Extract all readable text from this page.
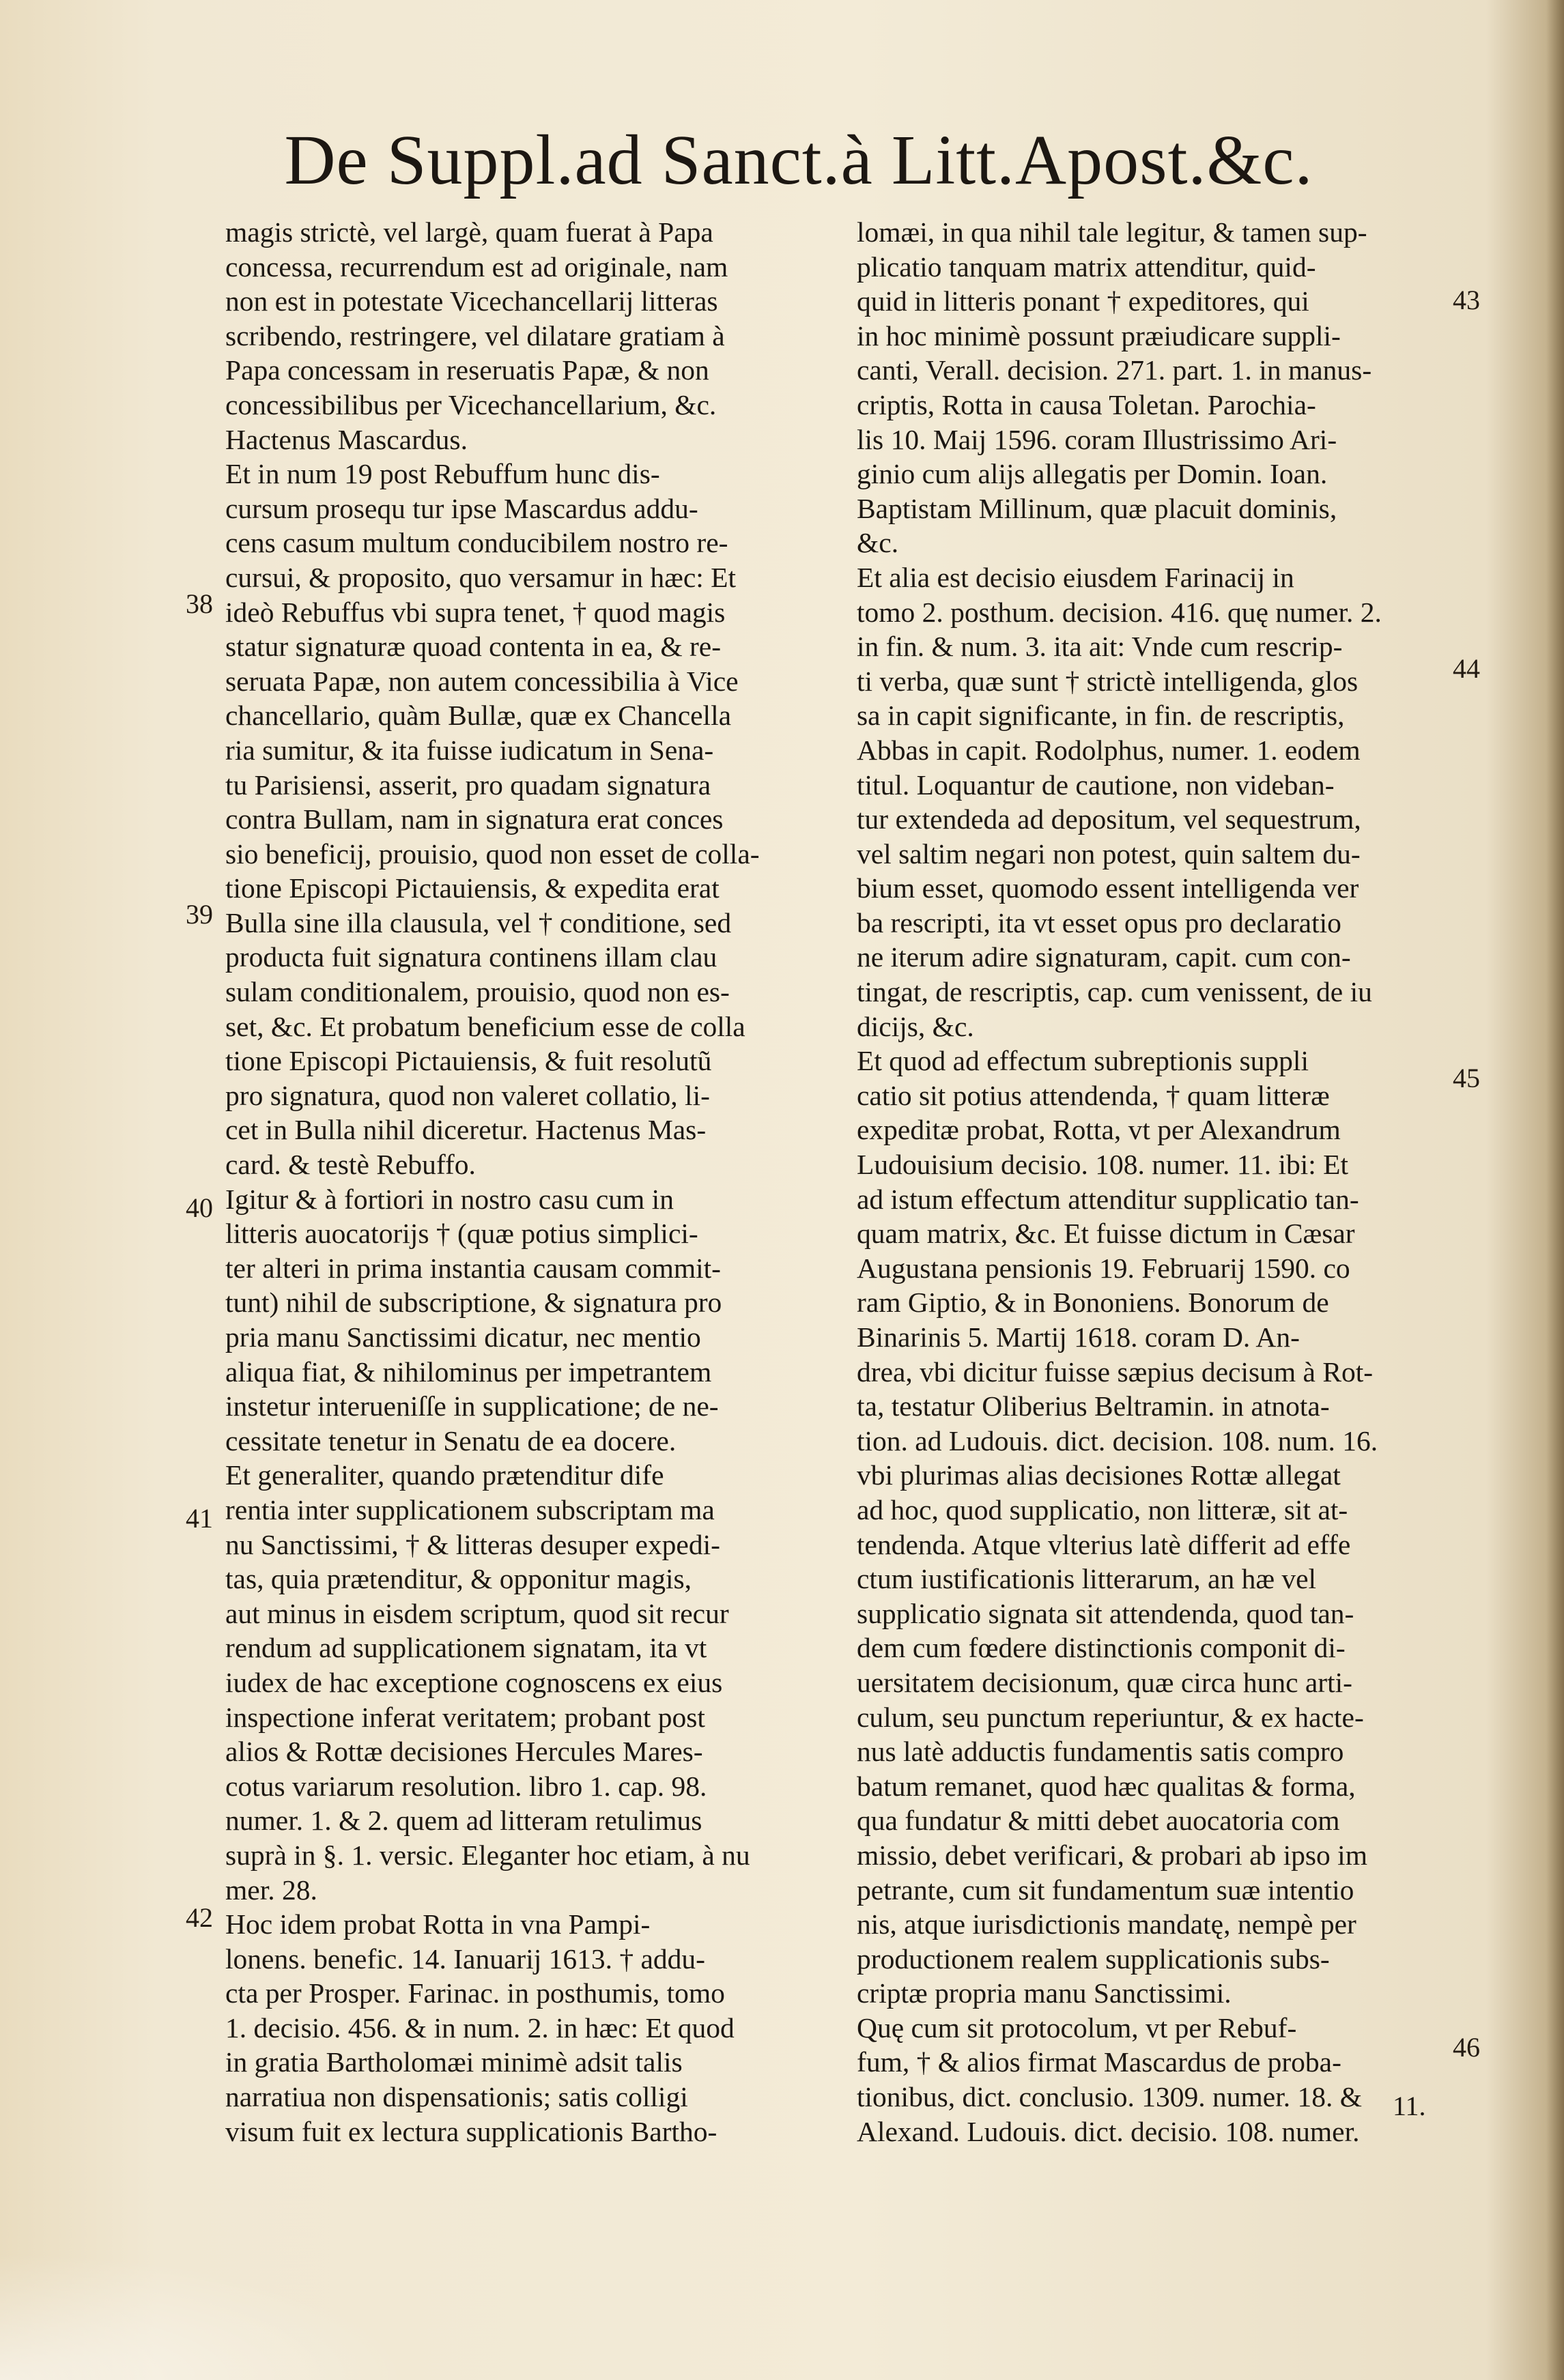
De Suppl.ad Sanct.à Litt.Apost.&c.
magis strictè, vel largè, quam fuerat à Papa
concessa, recurrendum est ad originale, nam
non est in potestate Vicechancellarij litteras
scribendo, restringere, vel dilatare gratiam à
Papa concessam in reseruatis Papæ, & non
concessibilibus per Vicechancellarium, &c.
Hactenus Mascardus.
Et in num 19 post Rebuffum hunc dis-
cursum prosequ tur ipse Mascardus addu-
cens casum multum conducibilem nostro re-
cursui, & proposito, quo versamur in hæc: Et
ideò Rebuffus vbi supra tenet, † quod magis
statur signaturæ quoad contenta in ea, & re-
seruata Papæ, non autem concessibilia à Vice
chancellario, quàm Bullæ, quæ ex Chancella
ria sumitur, & ita fuisse iudicatum in Sena-
tu Parisiensi, asserit, pro quadam signatura
contra Bullam, nam in signatura erat conces
sio beneficij, prouisio, quod non esset de colla-
tione Episcopi Pictauiensis, & expedita erat
Bulla sine illa clausula, vel † conditione, sed
producta fuit signatura continens illam clau
sulam conditionalem, prouisio, quod non es-
set, &c. Et probatum beneficium esse de colla
tione Episcopi Pictauiensis, & fuit resolutũ
pro signatura, quod non valeret collatio, li-
cet in Bulla nihil diceretur. Hactenus Mas-
card. & testè Rebuffo.
Igitur & à fortiori in nostro casu cum in
litteris auocatorijs † (quæ potius simplici-
ter alteri in prima instantia causam commit-
tunt) nihil de subscriptione, & signatura pro
pria manu Sanctissimi dicatur, nec mentio
aliqua fiat, & nihilominus per impetrantem
instetur interueniſſe in supplicatione; de ne-
cessitate tenetur in Senatu de ea docere.
Et generaliter, quando prætenditur dife
rentia inter supplicationem subscriptam ma
nu Sanctissimi, † & litteras desuper expedi-
tas, quia prætenditur, & opponitur magis,
aut minus in eisdem scriptum, quod sit recur
rendum ad supplicationem signatam, ita vt
iudex de hac exceptione cognoscens ex eius
inspectione inferat veritatem; probant post
alios & Rottæ decisiones Hercules Mares-
cotus variarum resolution. libro 1. cap. 98.
numer. 1. & 2. quem ad litteram retulimus
suprà in §. 1. versic. Eleganter hoc etiam, à nu
mer. 28.
Hoc idem probat Rotta in vna Pampi-
lonens. benefic. 14. Ianuarij 1613. † addu-
cta per Prosper. Farinac. in posthumis, tomo
1. decisio. 456. & in num. 2. in hæc: Et quod
in gratia Bartholomæi minimè adsit talis
narratiua non dispensationis; satis colligi
visum fuit ex lectura supplicationis Bartho-
lomæi, in qua nihil tale legitur, & tamen sup-
plicatio tanquam matrix attenditur, quid-
quid in litteris ponant † expeditores, qui
in hoc minimè possunt præiudicare suppli-
canti, Verall. decision. 271. part. 1. in manus-
criptis, Rotta in causa Toletan. Parochia-
lis 10. Maij 1596. coram Illustrissimo Ari-
ginio cum alijs allegatis per Domin. Ioan.
Baptistam Millinum, quæ placuit dominis,
&c.
Et alia est decisio eiusdem Farinacij in
tomo 2. posthum. decision. 416. quę numer. 2.
in fin. & num. 3. ita ait: Vnde cum rescrip-
ti verba, quæ sunt † strictè intelligenda, glos
sa in capit significante, in fin. de rescriptis,
Abbas in capit. Rodolphus, numer. 1. eodem
titul. Loquantur de cautione, non videban-
tur extendeda ad depositum, vel sequestrum,
vel saltim negari non potest, quin saltem du-
bium esset, quomodo essent intelligenda ver
ba rescripti, ita vt esset opus pro declaratio
ne iterum adire signaturam, capit. cum con-
tingat, de rescriptis, cap. cum venissent, de iu
dicijs, &c.
Et quod ad effectum subreptionis suppli
catio sit potius attendenda, † quam litteræ
expeditæ probat, Rotta, vt per Alexandrum
Ludouisium decisio. 108. numer. 11. ibi: Et
ad istum effectum attenditur supplicatio tan-
quam matrix, &c. Et fuisse dictum in Cæsar
Augustana pensionis 19. Februarij 1590. co
ram Giptio, & in Bononiens. Bonorum de
Binarinis 5. Martij 1618. coram D. An-
drea, vbi dicitur fuisse sæpius decisum à Rot-
ta, testatur Oliberius Beltramin. in atnota-
tion. ad Ludouis. dict. decision. 108. num. 16.
vbi plurimas alias decisiones Rottæ allegat
ad hoc, quod supplicatio, non litteræ, sit at-
tendenda. Atque vlterius latè differit ad effe
ctum iustificationis litterarum, an hæ vel
supplicatio signata sit attendenda, quod tan-
dem cum fœdere distinctionis componit di-
uersitatem decisionum, quæ circa hunc arti-
culum, seu punctum reperiuntur, & ex hacte-
nus latè adductis fundamentis satis compro
batum remanet, quod hæc qualitas & forma,
qua fundatur & mitti debet auocatoria com
missio, debet verificari, & probari ab ipso im
petrante, cum sit fundamentum suæ intentio
nis, atque iurisdictionis mandatę, nempè per
productionem realem supplicationis subs-
criptæ propria manu Sanctissimi.
Quę cum sit protocolum, vt per Rebuf-
fum, † & alios firmat Mascardus de proba-
tionibus, dict. conclusio. 1309. numer. 18. &
Alexand. Ludouis. dict. decisio. 108. numer.
38
39
40
41
42
43
44
45
46
11.
